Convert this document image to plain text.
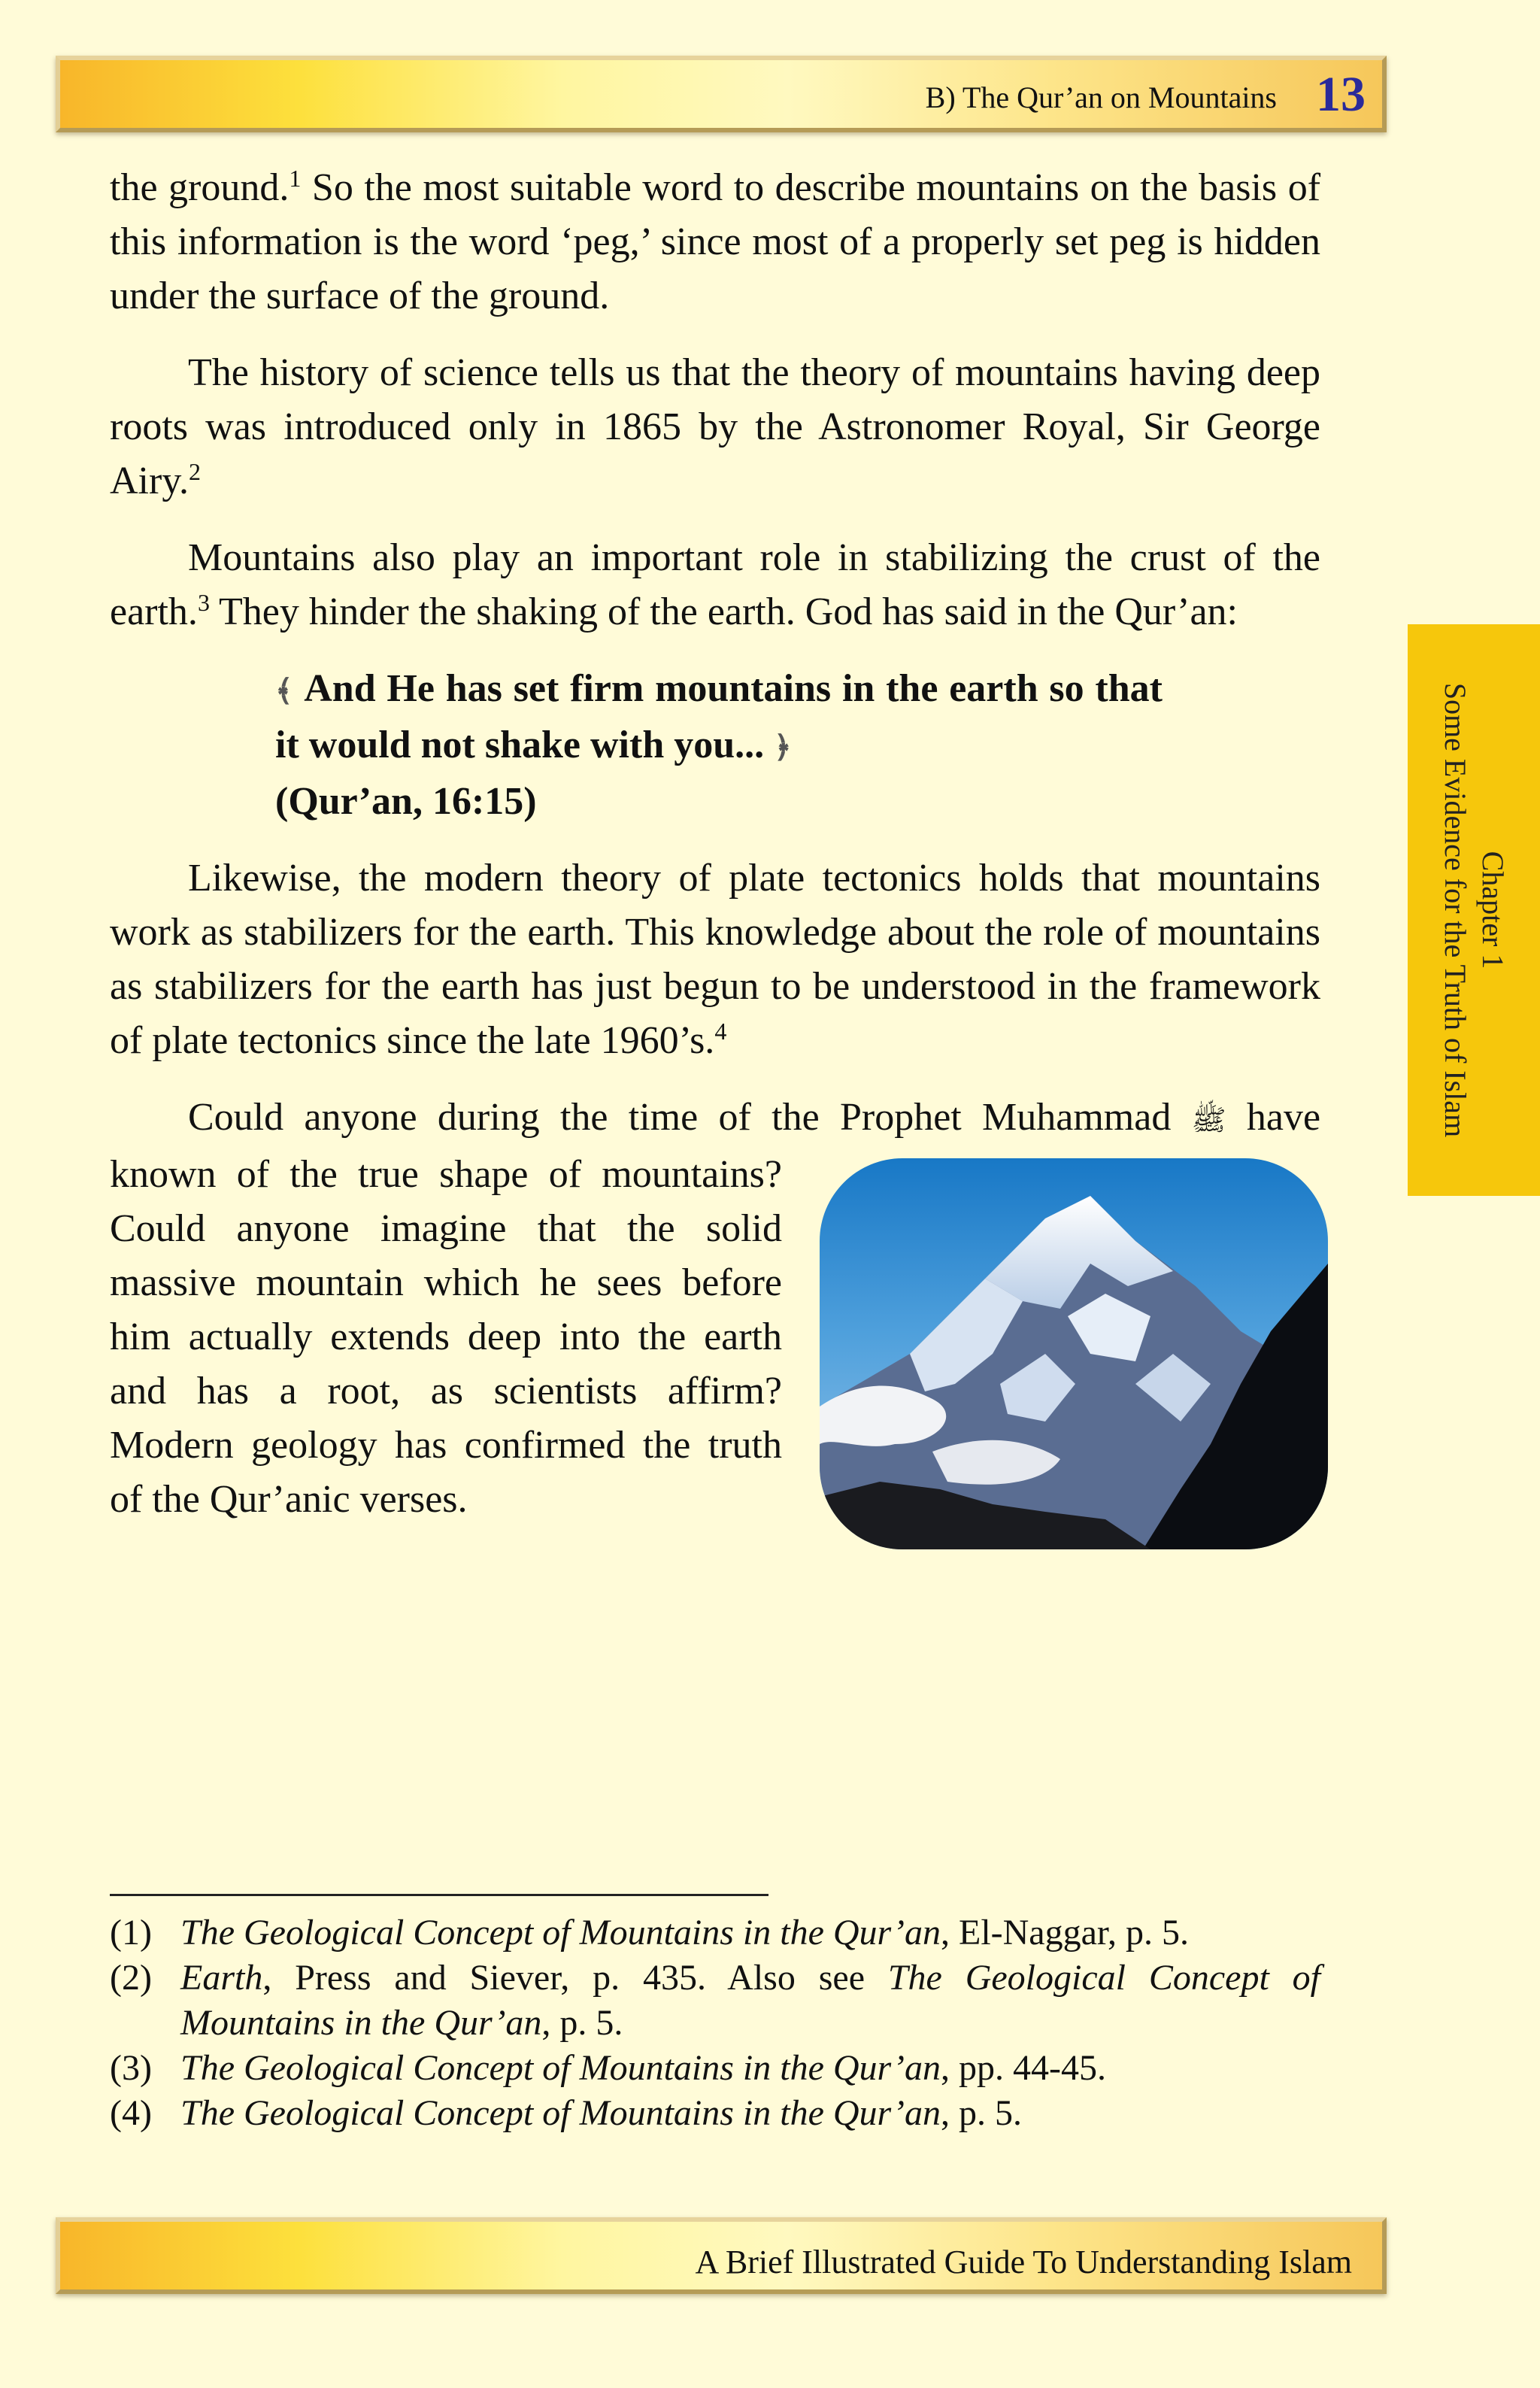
B) The Qur’an on Mountains 13
Chapter 1
Some Evidence for the Truth of Islam

the ground.$^1$ So the most suitable word to describe mountains on the basis of this information is the word ‘peg,’ since most of a properly set peg is hidden under the surface of the ground.

The history of science tells us that the theory of mountains having deep roots was introduced only in 1865 by the Astronomer Royal, Sir George Airy.$^2$

Mountains also play an important role in stabilizing the crust of the earth.$^3$ They hinder the shaking of the earth. God has said in the Qur’an:

﴾ And He has set firm mountains in the earth so that it would not shake with you... ﴿
(Qur’an, 16:15)

Likewise, the modern theory of plate tectonics holds that mountains work as stabilizers for the earth. This knowledge about the role of mountains as stabilizers for the earth has just begun to be understood in the framework of plate tectonics since the late 1960’s.$^4$

Could anyone during the time of the Prophet Muhammad ﷺ
have known of the true shape of mountains? Could anyone imagine that the solid massive mountain which he sees before him actually extends deep into the earth and has a root, as scientists affirm? Modern geology has confirmed the truth of the Qur’anic verses.

(1) The Geological Concept of Mountains in the Qur’an, El-Naggar, p. 5.
(2) Earth, Press and Siever, p. 435. Also see The Geological Concept of Mountains in the Qur’an, p. 5.
(3) The Geological Concept of Mountains in the Qur’an, pp. 44-45.
(4) The Geological Concept of Mountains in the Qur’an, p. 5.
A Brief Illustrated Guide To Understanding Islam
